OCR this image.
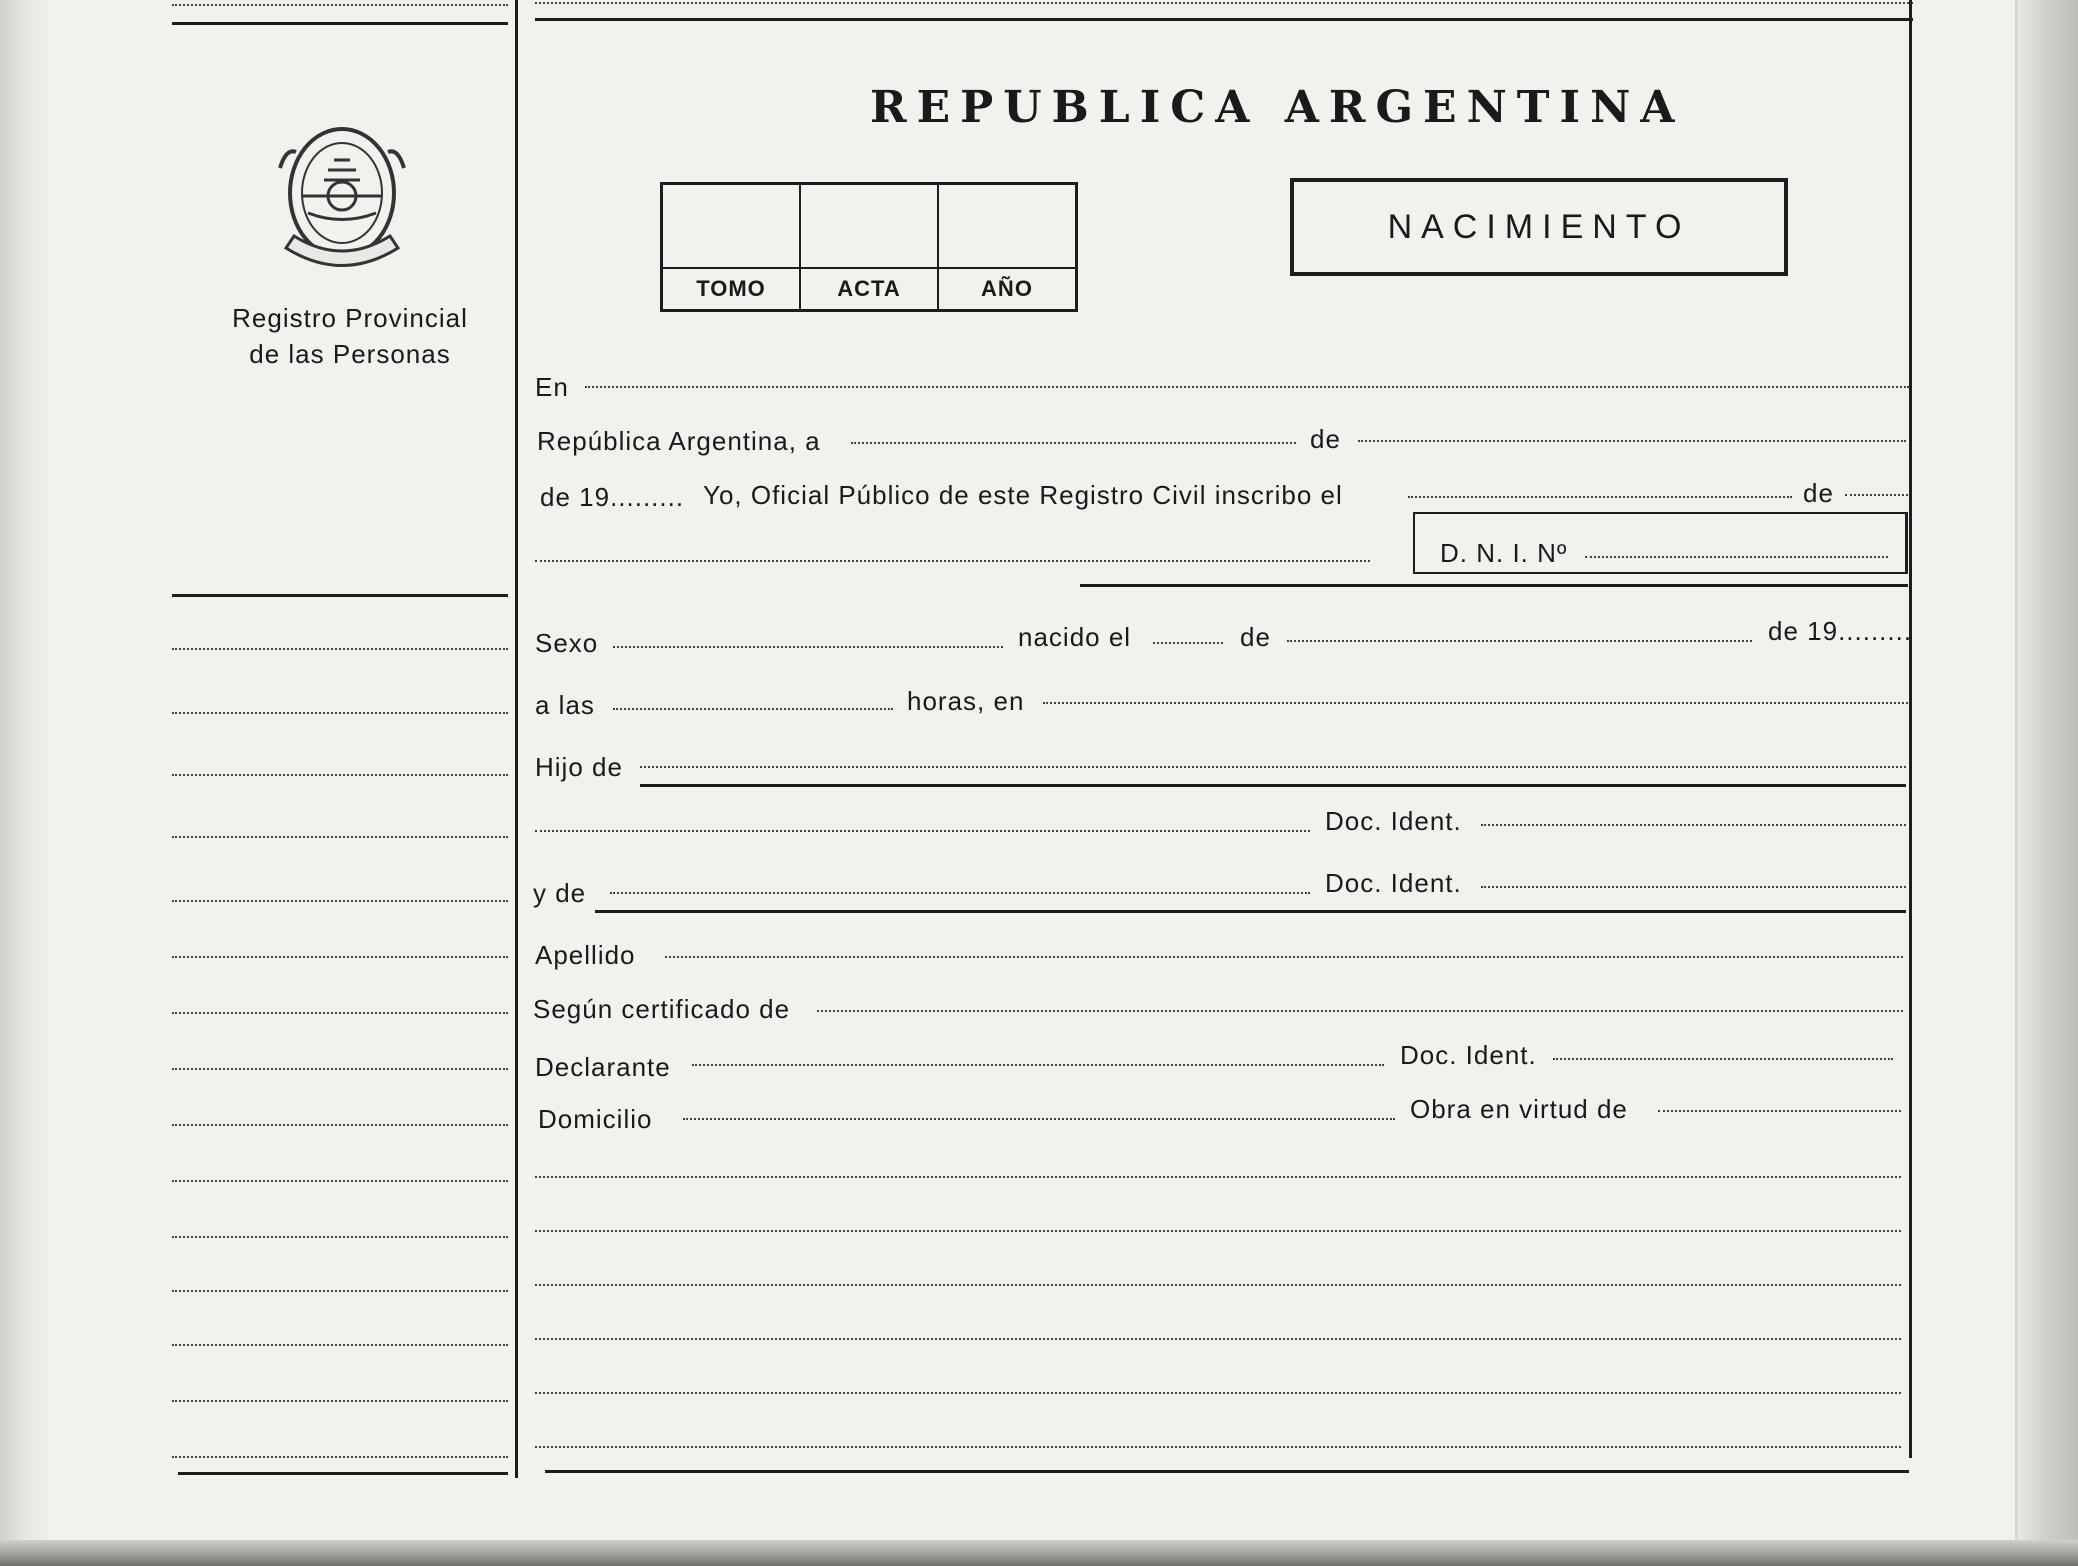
Registro Provincial
de las Personas
REPUBLICA ARGENTINA
TOMO	ACTA	AÑO
NACIMIENTO
En
República Argentina, a	de
de 19......... Yo, Oficial Público de este Registro Civil inscribo el	de
D. N. I. Nº
Sexo	nacido el	de	de 19.........
a las	horas, en
Hijo de
Doc. Ident.
y de	Doc. Ident.
Apellido
Según certificado de
Declarante	Doc. Ident.
Domicilio	Obra en virtud de
